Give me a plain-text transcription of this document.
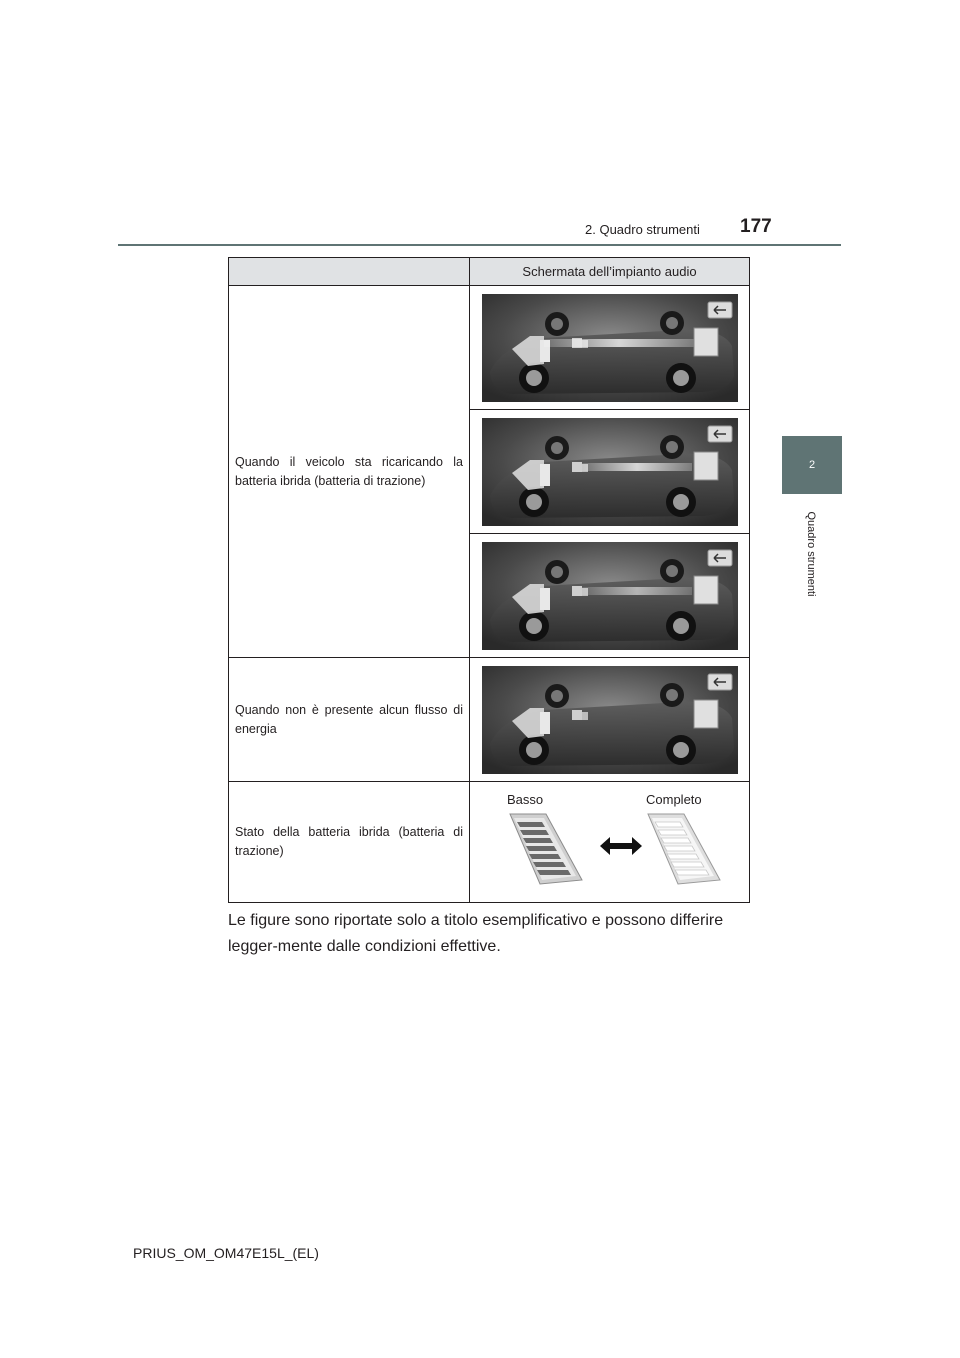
2. Quadro strumenti 177
2
Quadro strumenti
	Schermata dell’impianto audio
Quando il veicolo sta ricaricando la batteria ibrida (batteria di trazione)	

Quando non è presente alcun flusso di energia	
Stato della batteria ibrida (batteria di trazione)	Basso Completo
Le figure sono riportate solo a titolo esemplificativo e possono differire legger-mente dalle condizioni effettive.
PRIUS_OM_OM47E15L_(EL)
